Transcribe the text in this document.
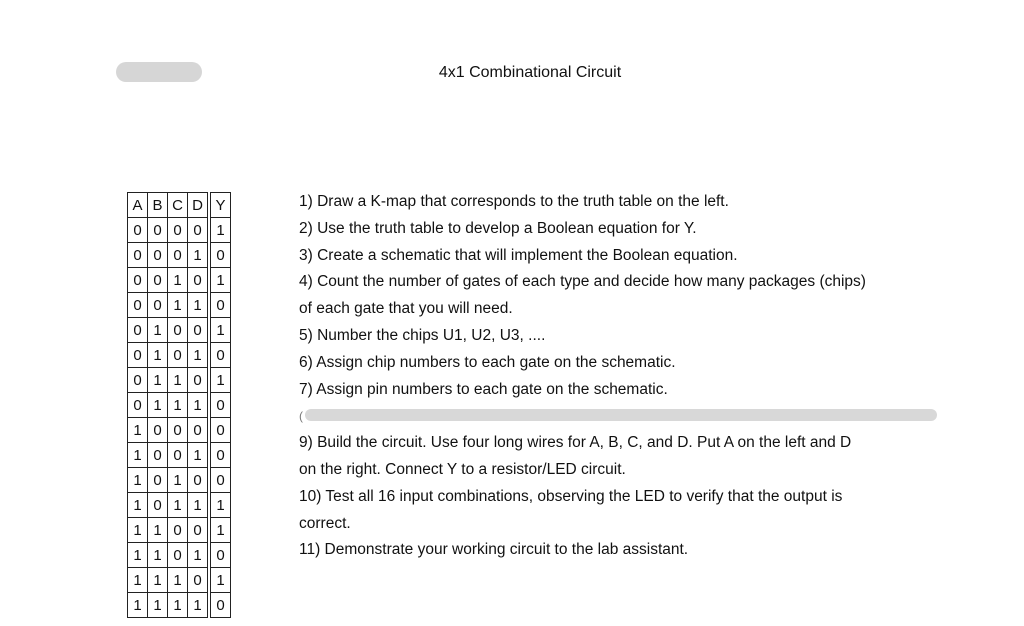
4x1 Combinational Circuit
A	B	C	D	Y
0	0	0	0	1
0	0	0	1	0
0	0	1	0	1
0	0	1	1	0
0	1	0	0	1
0	1	0	1	0
0	1	1	0	1
0	1	1	1	0
1	0	0	0	0
1	0	0	1	0
1	0	1	0	0
1	0	1	1	1
1	1	0	0	1
1	1	0	1	0
1	1	1	0	1
1	1	1	1	0

1) Draw a K-map that corresponds to the truth table on the left.

2) Use the truth table to develop a Boolean equation for Y.

3) Create a schematic that will implement the Boolean equation.

4) Count the number of gates of each type and decide how many packages (chips)

of each gate that you will need.

5) Number the chips U1, U2, U3, ....

6) Assign chip numbers to each gate on the schematic.

7) Assign pin numbers to each gate on the schematic.

(

9) Build the circuit. Use four long wires for A, B, C, and D. Put A on the left and D

on the right. Connect Y to a resistor/LED circuit.

10) Test all 16 input combinations, observing the LED to verify that the output is

correct.

11) Demonstrate your working circuit to the lab assistant.
